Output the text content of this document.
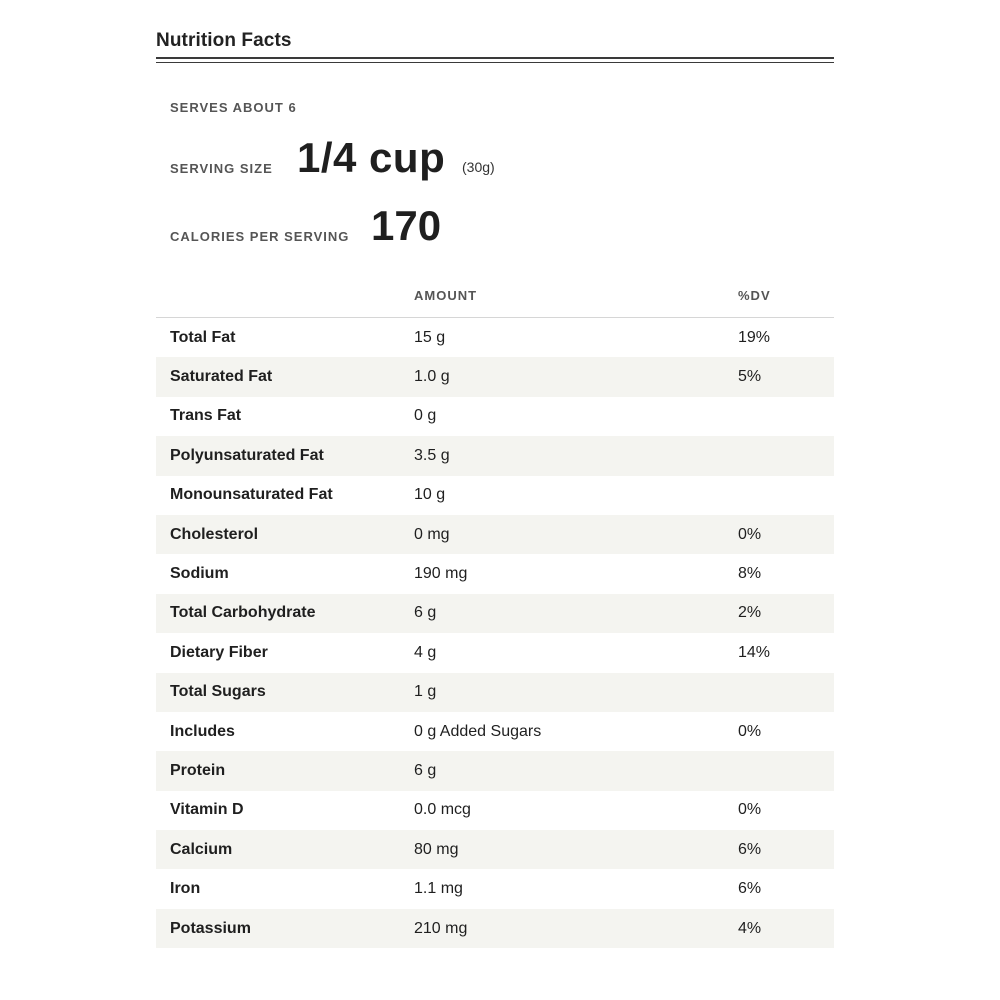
Nutrition Facts
SERVES ABOUT 6
SERVING SIZE 1/4 cup (30g)
CALORIES PER SERVING 170
AMOUNT	%DV
Total Fat	15 g	19%
Saturated Fat	1.0 g	5%
Trans Fat	0 g
Polyunsaturated Fat	3.5 g
Monounsaturated Fat	10 g
Cholesterol	0 mg	0%
Sodium	190 mg	8%
Total Carbohydrate	6 g	2%
Dietary Fiber	4 g	14%
Total Sugars	1 g
Includes	0 g Added Sugars	0%
Protein	6 g
Vitamin D	0.0 mcg	0%
Calcium	80 mg	6%
Iron	1.1 mg	6%
Potassium	210 mg	4%
